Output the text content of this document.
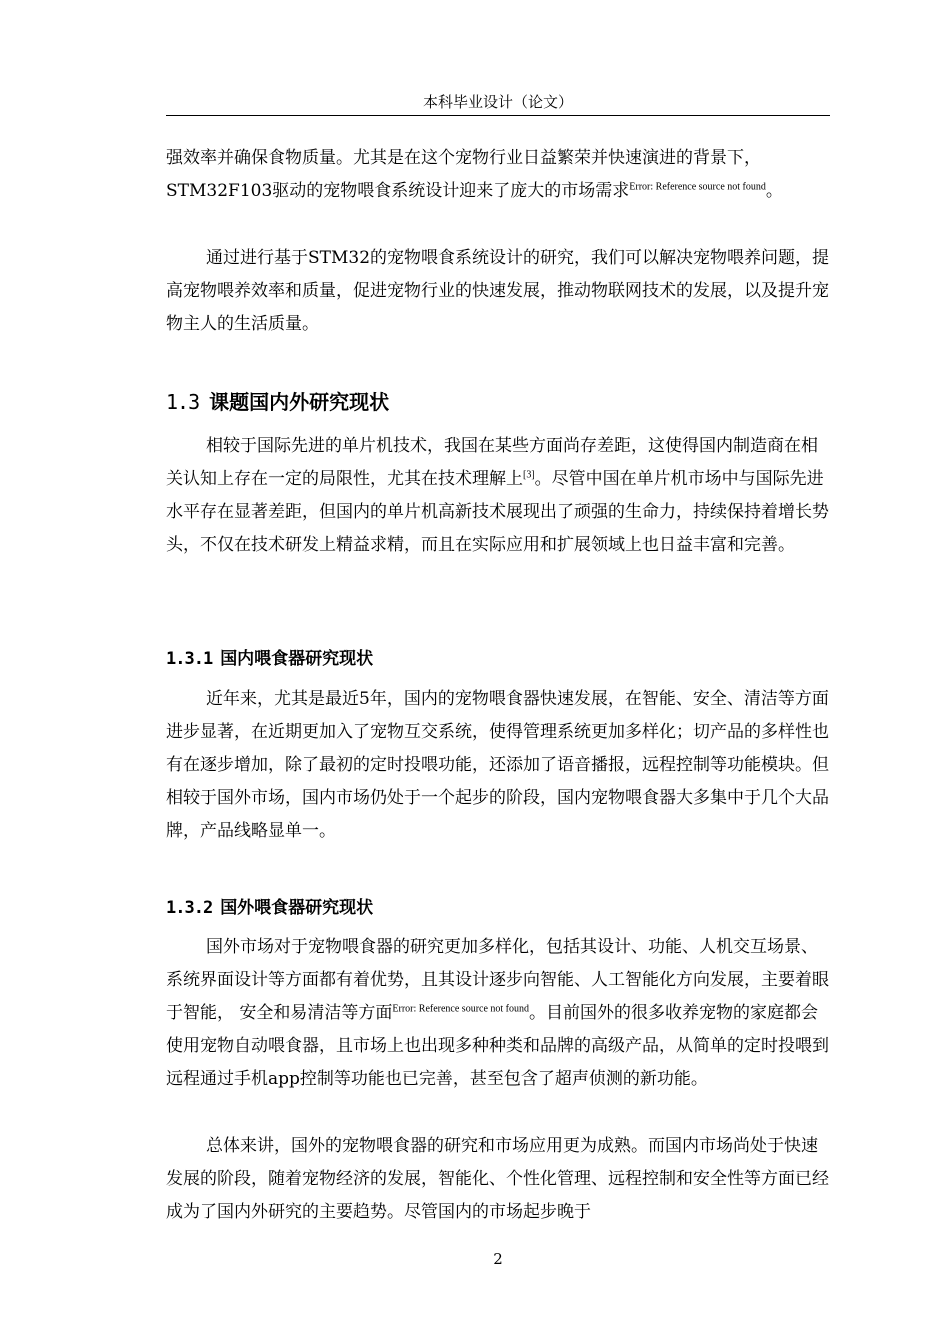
本科毕业设计（论文）

强效率并确保食物质量。尤其是在这个宠物行业日益繁荣并快速演进的背景下，STM32F103驱动的宠物喂食系统设计迎来了庞大的市场需求$^{Error: Reference source not found}$。

通过进行基于STM32的宠物喂食系统设计的研究，我们可以解决宠物喂养问题，提高宠物喂养效率和质量，促进宠物行业的快速发展，推动物联网技术的发展，以及提升宠物主人的生活质量。

1.3 课题国内外研究现状

相较于国际先进的单片机技术，我国在某些方面尚存差距，这使得国内制造商在相关认知上存在一定的局限性，尤其在技术理解上[3]。尽管中国在单片机市场中与国际先进水平存在显著差距，但国内的单片机高新技术展现出了顽强的生命力，持续保持着增长势头，不仅在技术研发上精益求精，而且在实际应用和扩展领域上也日益丰富和完善。

1.3.1 国内喂食器研究现状

近年来，尤其是最近5年，国内的宠物喂食器快速发展，在智能、安全、清洁等方面进步显著，在近期更加入了宠物互交系统，使得管理系统更加多样化；切产品的多样性也有在逐步增加，除了最初的定时投喂功能，还添加了语音播报，远程控制等功能模块。但相较于国外市场，国内市场仍处于一个起步的阶段，国内宠物喂食器大多集中于几个大品牌，产品线略显单一。

1.3.2 国外喂食器研究现状

国外市场对于宠物喂食器的研究更加多样化，包括其设计、功能、人机交互场景、系统界面设计等方面都有着优势，且其设计逐步向智能、人工智能化方向发展，主要着眼于智能， 安全和易清洁等方面$^{Error: Reference source not found}$。目前国外的很多收养宠物的家庭都会使用宠物自动喂食器，且市场上也出现多种种类和品牌的高级产品，从简单的定时投喂到远程通过手机app控制等功能也已完善，甚至包含了超声侦测的新功能。

总体来讲，国外的宠物喂食器的研究和市场应用更为成熟。而国内市场尚处于快速发展的阶段，随着宠物经济的发展，智能化、个性化管理、远程控制和安全性等方面已经成为了国内外研究的主要趋势。尽管国内的市场起步晚于

2
